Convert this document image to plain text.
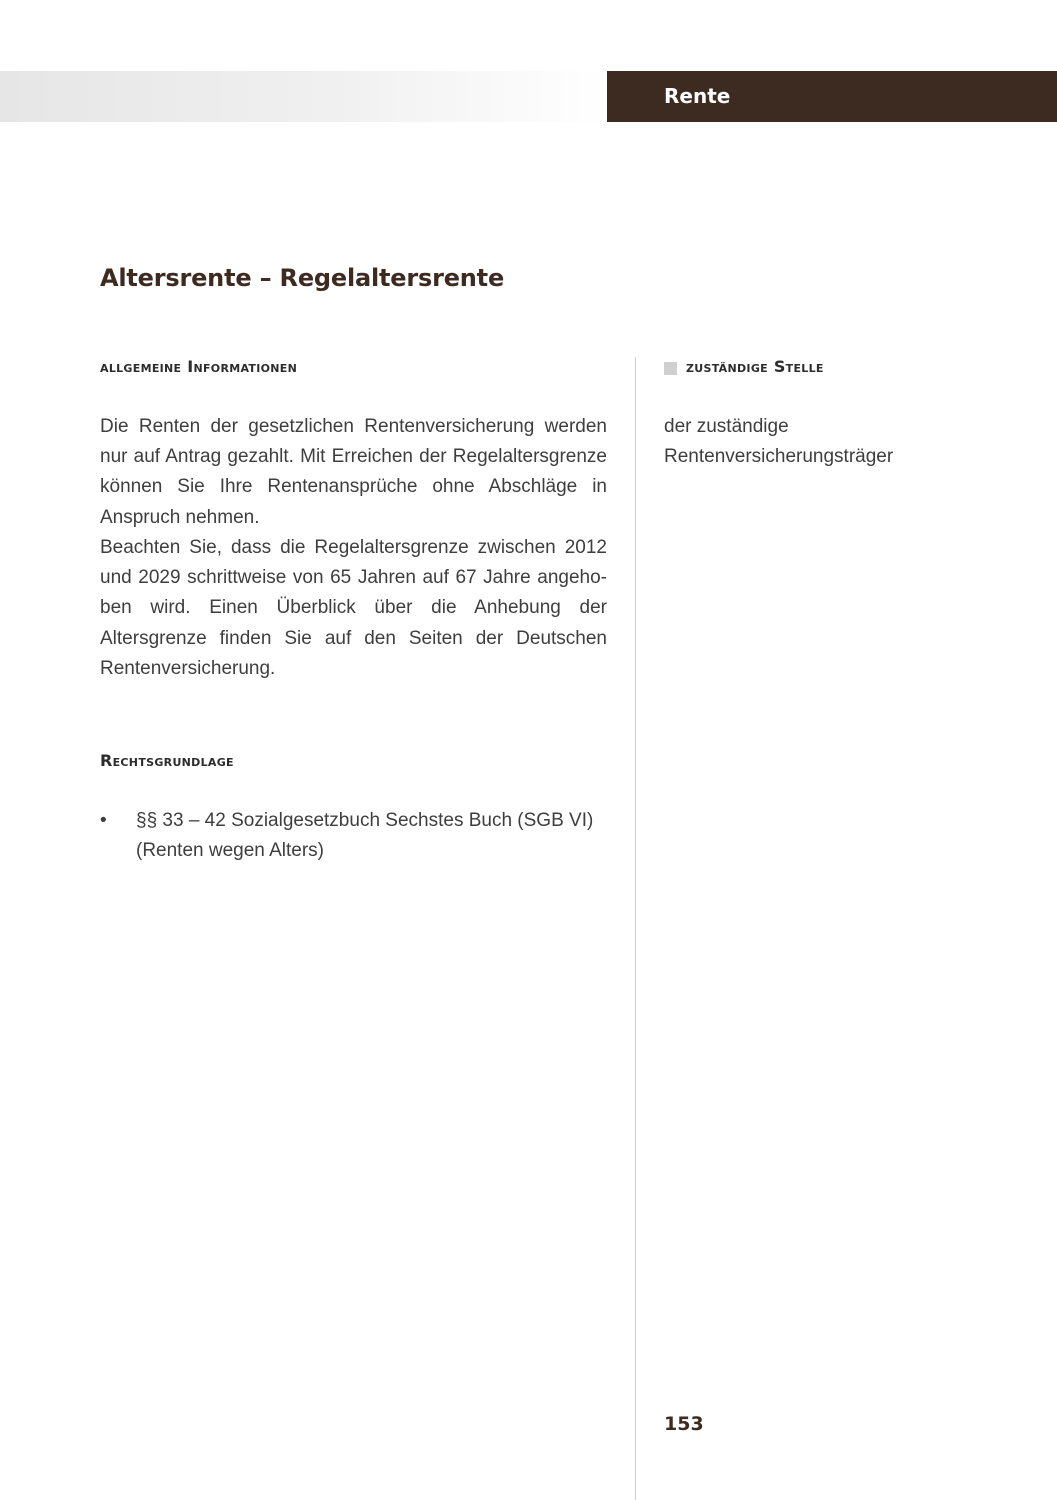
Rente
Altersrente – Regelaltersrente
allgemeine Informationen

Die Renten der gesetzlichen Rentenversicherung werden nur auf Antrag gezahlt. Mit Erreichen der Regelaltersgrenze können Sie Ihre Rentenansprüche ohne Abschläge in Anspruch nehmen.

Beachten Sie, dass die Regelaltersgrenze zwischen 2012 und 2029 schrittweise von 65 Jahren auf 67 Jahre angehoben wird. Einen Überblick über die Anhebung der Altersgrenze finden Sie auf den Seiten der Deutschen Rentenversicherung.

Rechtsgrundlage
• §§ 33 – 42 Sozialgesetzbuch Sechstes Buch (SGB VI)

(Renten wegen Alters)

zuständige Stelle

der zuständige

Rentenversicherungsträger

153
